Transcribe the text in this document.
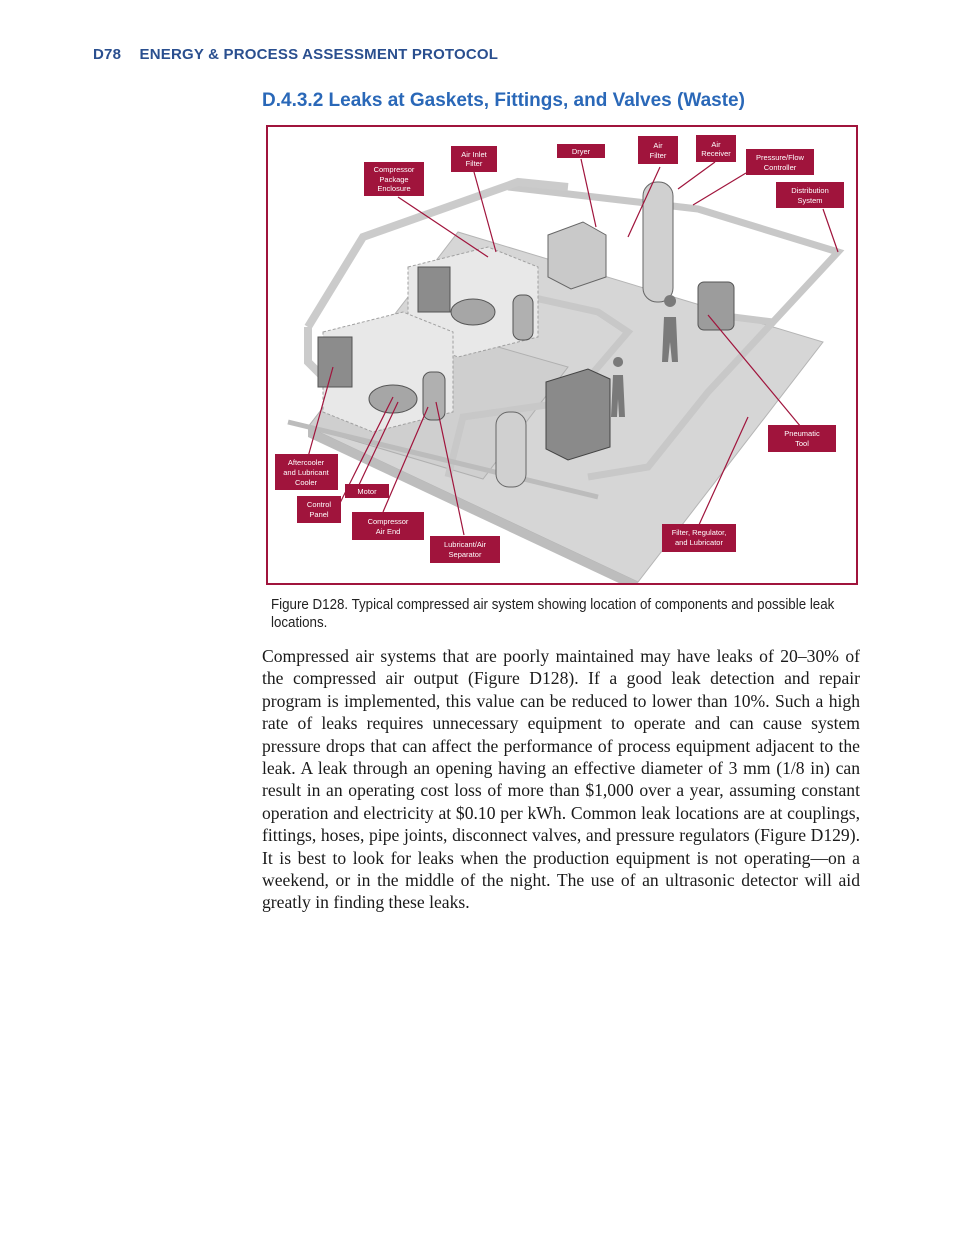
D78 ENERGY & PROCESS ASSESSMENT PROTOCOL
D.4.3.2 Leaks at Gaskets, Fittings, and Valves (Waste)
Compressor
Package
Enclosure
Air Inlet
Filter
Dryer
Air
Filter
Air
Receiver	Pressure/Flow
Controller
Distribution
System
Pneumatic
Tool
Aftercooler
and Lubricant
Cooler
Motor
Control
Panel
Compressor
Air End
Lubricant/Air
Separator
Filter, Regulator,
and Lubricator
Figure D128. Typical compressed air system showing location of components and possible leak locations.

Compressed air systems that are poorly maintained may have leaks of 20–30% of the compressed air output (Figure D128). If a good leak detection and repair program is implemented, this value can be reduced to lower than 10%. Such a high rate of leaks requires unnecessary equipment to operate and can cause system pressure drops that can affect the performance of process equipment adjacent to the leak. A leak through an opening having an effective diameter of 3 mm (1/8 in) can result in an operating cost loss of more than $1,000 over a year, assuming constant operation and electricity at $0.10 per kWh. Common leak locations are at couplings, fittings, hoses, pipe joints, disconnect valves, and pressure regulators (Figure D129). It is best to look for leaks when the production equipment is not operating—on a weekend, or in the middle of the night. The use of an ultrasonic detector will aid greatly in finding these leaks.
